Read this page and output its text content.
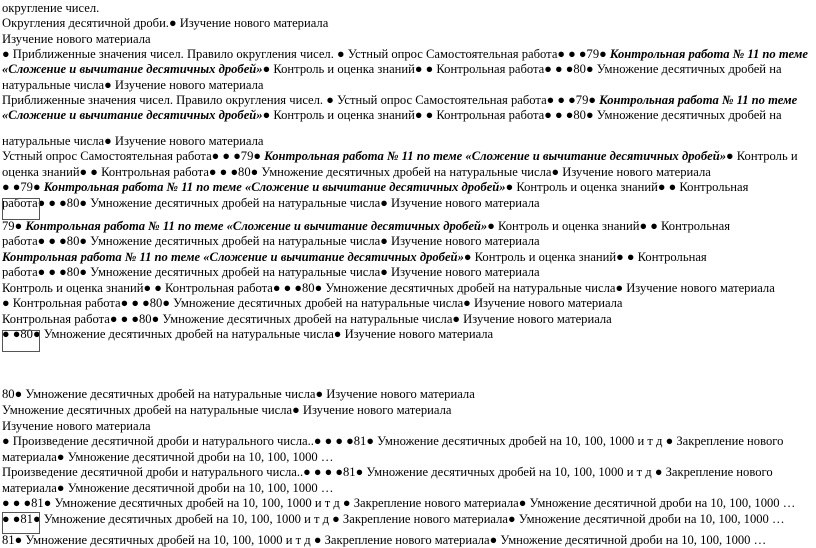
округление чисел.
Округления десятичной дроби.● Изучение нового материала
Изучение нового материала
● Приближенные значения чисел. Правило округления чисел. ● Устный опрос Самостоятельная работа● ● ●79● Контрольная работа № 11 по теме
«Сложение и вычитание десятичных дробей»● Контроль и оценка знаний● ● Контрольная работа● ● ●80● Умножение десятичных дробей на
натуральные числа● Изучение нового материала
Приближенные значения чисел. Правило округления чисел. ● Устный опрос Самостоятельная работа● ● ●79● Контрольная работа № 11 по теме
«Сложение и вычитание десятичных дробей»● Контроль и оценка знаний● ● Контрольная работа● ● ●80● Умножение десятичных дробей на
натуральные числа● Изучение нового материала
Устный опрос Самостоятельная работа● ● ●79● Контрольная работа № 11 по теме «Сложение и вычитание десятичных дробей»● Контроль и
оценка знаний● ● Контрольная работа● ● ●80● Умножение десятичных дробей на натуральные числа● Изучение нового материала
● ●79● Контрольная работа № 11 по теме «Сложение и вычитание десятичных дробей»● Контроль и оценка знаний● ● Контрольная
работа● ● ●80● Умножение десятичных дробей на натуральные числа● Изучение нового материала
79● Контрольная работа № 11 по теме «Сложение и вычитание десятичных дробей»● Контроль и оценка знаний● ● Контрольная
работа● ● ●80● Умножение десятичных дробей на натуральные числа● Изучение нового материала
Контрольная работа № 11 по теме «Сложение и вычитание десятичных дробей»● Контроль и оценка знаний● ● Контрольная
работа● ● ●80● Умножение десятичных дробей на натуральные числа● Изучение нового материала
Контроль и оценка знаний● ● Контрольная работа● ● ●80● Умножение десятичных дробей на натуральные числа● Изучение нового материала
● Контрольная работа● ● ●80● Умножение десятичных дробей на натуральные числа● Изучение нового материала
Контрольная работа● ● ●80● Умножение десятичных дробей на натуральные числа● Изучение нового материала
● ●80● Умножение десятичных дробей на натуральные числа● Изучение нового материала
80● Умножение десятичных дробей на натуральные числа● Изучение нового материала
Умножение десятичных дробей на натуральные числа● Изучение нового материала
Изучение нового материала
● Произведение десятичной дроби и натурального числа..● ● ● ●81● Умножение десятичных дробей на 10, 100, 1000 и т д ● Закрепление нового
материала● Умножение десятичной дроби на 10, 100, 1000 …
Произведение десятичной дроби и натурального числа..● ● ● ●81● Умножение десятичных дробей на 10, 100, 1000 и т д ● Закрепление нового
материала● Умножение десятичной дроби на 10, 100, 1000 …
● ● ●81● Умножение десятичных дробей на 10, 100, 1000 и т д ● Закрепление нового материала● Умножение десятичной дроби на 10, 100, 1000 …
● ●81● Умножение десятичных дробей на 10, 100, 1000 и т д ● Закрепление нового материала● Умножение десятичной дроби на 10, 100, 1000 …
81● Умножение десятичных дробей на 10, 100, 1000 и т д ● Закрепление нового материала● Умножение десятичной дроби на 10, 100, 1000 …
